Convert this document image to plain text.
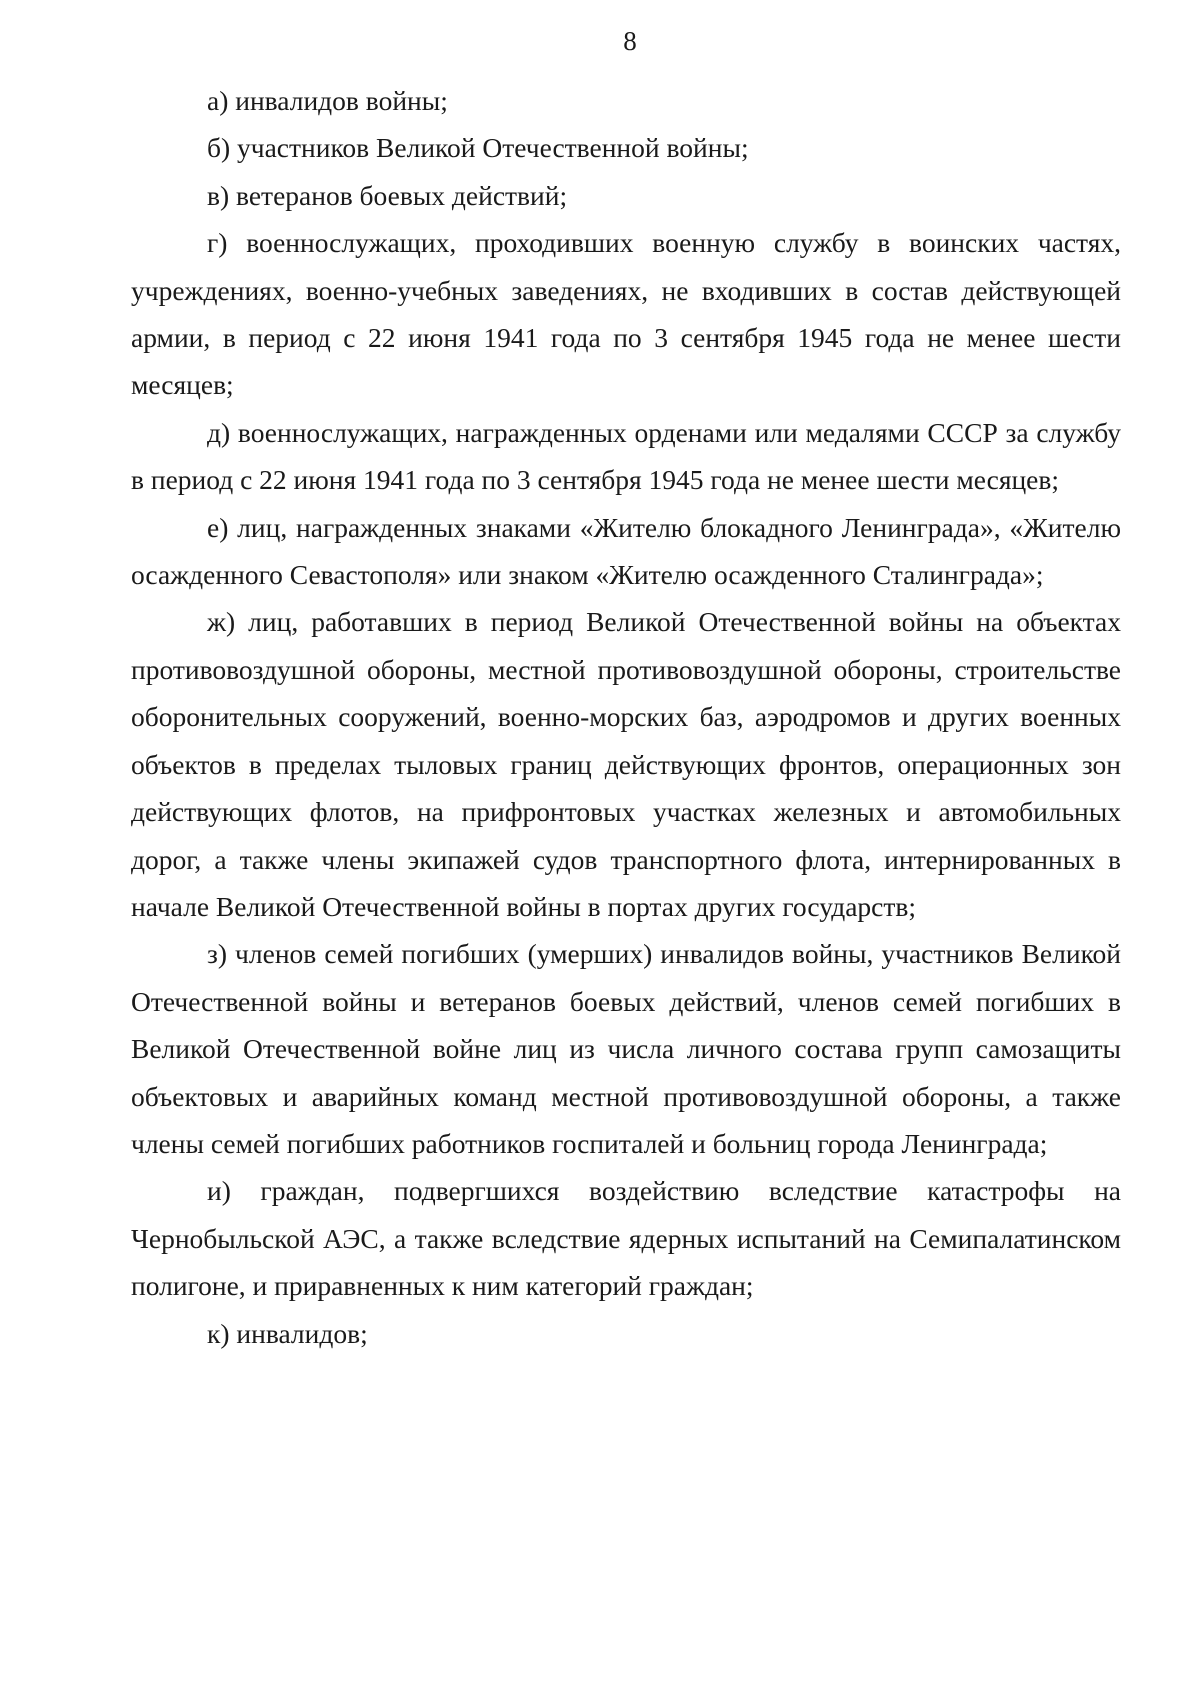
8

а) инвалидов войны;

б) участников Великой Отечественной войны;

в) ветеранов боевых действий;

г) военнослужащих, проходивших военную службу в воинских частях, учреждениях, военно-учебных заведениях, не входивших в состав действующей армии, в период с 22 июня 1941 года по 3 сентября 1945 года не менее шести месяцев;

д) военнослужащих, награжденных орденами или медалями СССР за службу в период с 22 июня 1941 года по 3 сентября 1945 года не менее шести месяцев;

е) лиц, награжденных знаками «Жителю блокадного Ленинграда», «Жителю осажденного Севастополя» или знаком «Жителю осажденного Сталинграда»;

ж) лиц, работавших в период Великой Отечественной войны на объектах противовоздушной обороны, местной противовоздушной обороны, строительстве оборонительных сооружений, военно-морских баз, аэродромов и других военных объектов в пределах тыловых границ действующих фронтов, операционных зон действующих флотов, на прифронтовых участках железных и автомобильных дорог, а также члены экипажей судов транспортного флота, интернированных в начале Великой Отечественной войны в портах других государств;

з) членов семей погибших (умерших) инвалидов войны, участников Великой Отечественной войны и ветеранов боевых действий, членов семей погибших в Великой Отечественной войне лиц из числа личного состава групп самозащиты объектовых и аварийных команд местной противовоздушной обороны, а также члены семей погибших работников госпиталей и больниц города Ленинграда;

и) граждан, подвергшихся воздействию вследствие катастрофы на Чернобыльской АЭС, а также вследствие ядерных испытаний на Семипалатинском полигоне, и приравненных к ним категорий граждан;

к) инвалидов;
